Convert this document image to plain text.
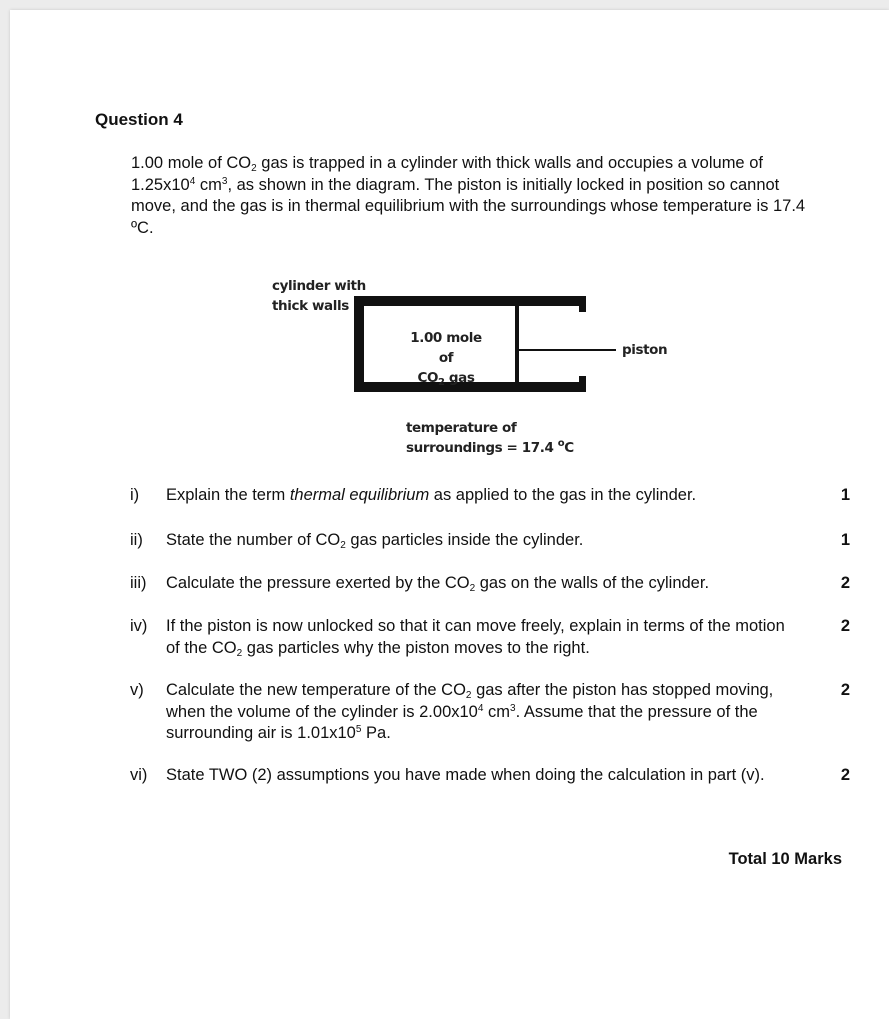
Question 4
1.00 mole of $CO_2$ gas is trapped in a cylinder with thick walls and occupies a volume of $1.25x10^4$ $cm^3$, as shown in the diagram. The piston is initially locked in position so cannot move, and the gas is in thermal equilibrium with the surroundings whose temperature is 17.4 ºC.
cylinder with
thick walls
1.00 mole of
$CO_2$ gas
piston
temperature of
surroundings = 17.4 $^o$C
i) Explain the term thermal equilibrium as applied to the gas in the cylinder.	1
ii) State the number of $CO_2$ gas particles inside the cylinder.	1
iii) Calculate the pressure exerted by the $CO_2$ gas on the walls of the cylinder.	2
iv) If the piston is now unlocked so that it can move freely, explain in terms of the motion of the $CO_2$ gas particles why the piston moves to the right.
2
v) Calculate the new temperature of the $CO_2$ gas after the piston has stopped moving, when the volume of the cylinder is $2.00x10^4$ $cm^3$. Assume that the pressure of the surrounding air is $1.01x10^5$ Pa.
2
vi) State TWO (2) assumptions you have made when doing the calculation in part (v).	2
Total 10 Marks
